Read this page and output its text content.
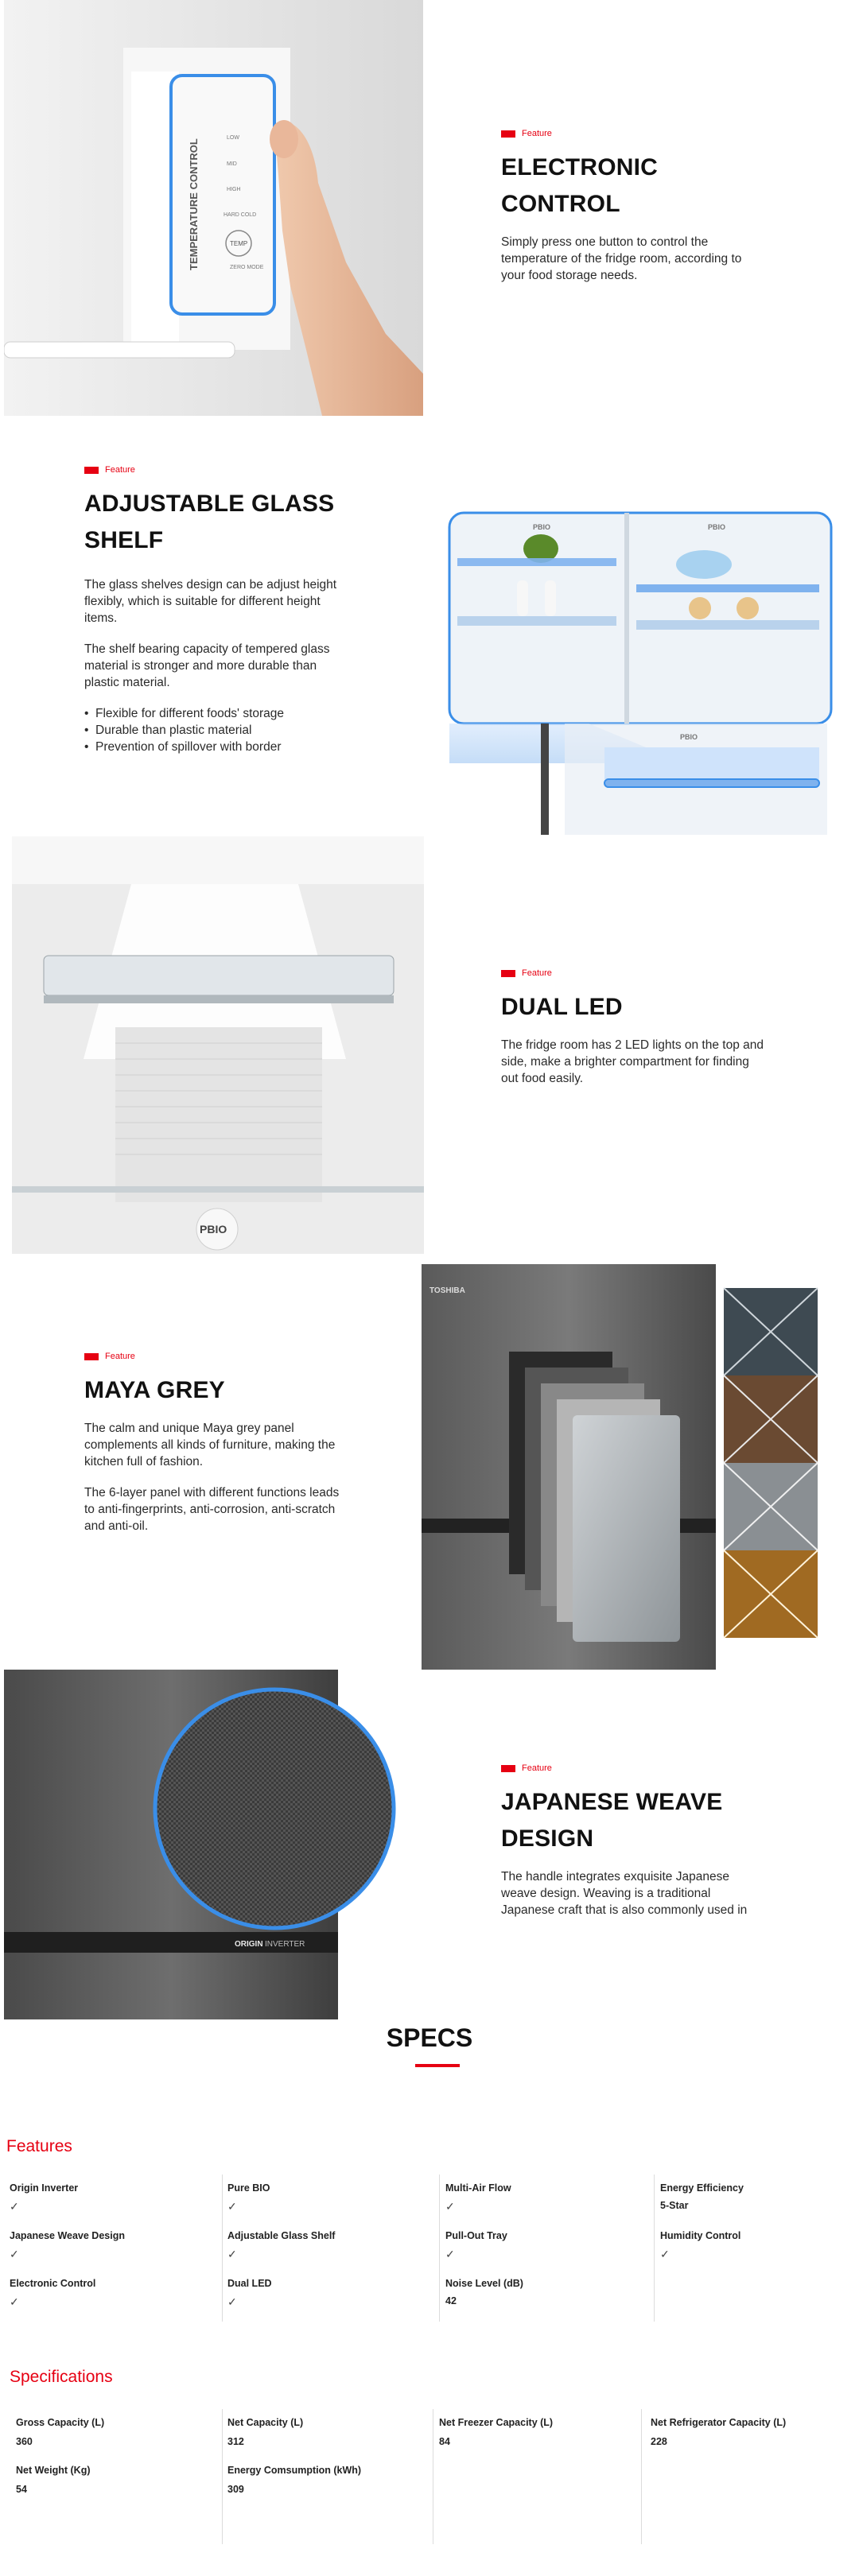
TEMPERATURE CONTROL
LOW
MID
HIGH
HARD COLD
ZERO MODE
TEMP
Feature
ELECTRONIC CONTROL

Simply press one button to control the temperature of the fridge room, according to your food storage needs.

Feature
ADJUSTABLE GLASS
SHELF

The glass shelves design can be adjust height flexibly, which is suitable for different height items.

The shelf bearing capacity of tempered glass material is stronger and more durable than plastic material.

• Flexible for different foods' storage
• Durable than plastic material
• Prevention of spillover with border
PBIO	PBIO
PBIO
PBIO
Feature
DUAL LED

The fridge room has 2 LED lights on the top and side, make a brighter compartment for finding out food easily.

Feature
MAYA GREY

The calm and unique Maya grey panel complements all kinds of furniture, making the kitchen full of fashion.

The 6-layer panel with different functions leads to anti-fingerprints, anti-corrosion, anti-scratch and anti-oil.

TOSHIBA
ORIGIN INVERTER
Feature
JAPANESE WEAVE
DESIGN

The handle integrates exquisite Japanese weave design. Weaving is a traditional Japanese craft that is also commonly used in

SPECS
Features
Origin Inverter
✓
Pure BIO
✓
Multi-Air Flow
✓
Energy Efficiency
5-Star
Japanese Weave Design
✓
Adjustable Glass Shelf
✓
Pull-Out Tray
✓
Humidity Control
✓
Electronic Control
✓
Dual LED
✓
Noise Level (dB)
42
Specifications
Gross Capacity (L)
360
Net Capacity (L)
312
Net Freezer Capacity (L)
84
Net Refrigerator Capacity (L)
228
Net Weight (Kg)
54
Energy Comsumption (kWh)
309
